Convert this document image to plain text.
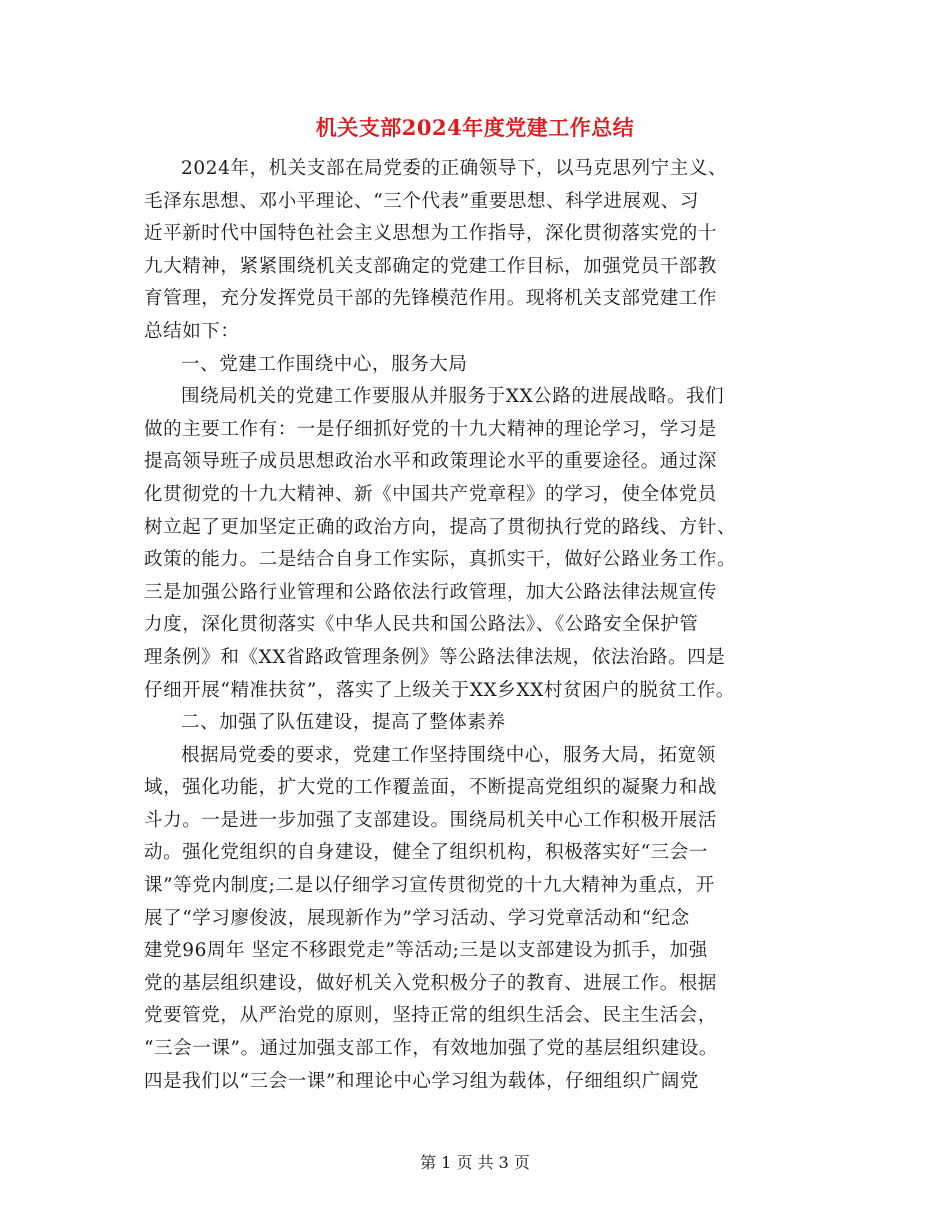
机关支部2024年度党建工作总结
2024年，机关支部在局党委的正确领导下，以马克思列宁主义、
毛泽东思想、邓小平理论、“三个代表”重要思想、科学进展观、习
近平新时代中国特色社会主义思想为工作指导，深化贯彻落实党的十
九大精神，紧紧围绕机关支部确定的党建工作目标，加强党员干部教
育管理，充分发挥党员干部的先锋模范作用。现将机关支部党建工作
总结如下：
一、党建工作围绕中心，服务大局
围绕局机关的党建工作要服从并服务于XX公路的进展战略。我们
做的主要工作有：一是仔细抓好党的十九大精神的理论学习，学习是
提高领导班子成员思想政治水平和政策理论水平的重要途径。通过深
化贯彻党的十九大精神、新《中国共产党章程》的学习，使全体党员
树立起了更加坚定正确的政治方向，提高了贯彻执行党的路线、方针、
政策的能力。二是结合自身工作实际，真抓实干，做好公路业务工作。
三是加强公路行业管理和公路依法行政管理，加大公路法律法规宣传
力度，深化贯彻落实《中华人民共和国公路法》、《公路安全保护管
理条例》和《XX省路政管理条例》等公路法律法规，依法治路。四是
仔细开展“精准扶贫”，落实了上级关于XX乡XX村贫困户的脱贫工作。
二、加强了队伍建设，提高了整体素养
根据局党委的要求，党建工作坚持围绕中心，服务大局，拓宽领
域，强化功能，扩大党的工作覆盖面，不断提高党组织的凝聚力和战
斗力。一是进一步加强了支部建设。围绕局机关中心工作积极开展活
动。强化党组织的自身建设，健全了组织机构，积极落实好“三会一
课”等党内制度;二是以仔细学习宣传贯彻党的十九大精神为重点，开
展了“学习廖俊波，展现新作为”学习活动、学习党章活动和“纪念
建党96周年 坚定不移跟党走”等活动;三是以支部建设为抓手，加强
党的基层组织建设，做好机关入党积极分子的教育、进展工作。根据
党要管党，从严治党的原则，坚持正常的组织生活会、民主生活会，
“三会一课”。通过加强支部工作，有效地加强了党的基层组织建设。
四是我们以“三会一课”和理论中心学习组为载体，仔细组织广阔党
第 1 页 共 3 页
